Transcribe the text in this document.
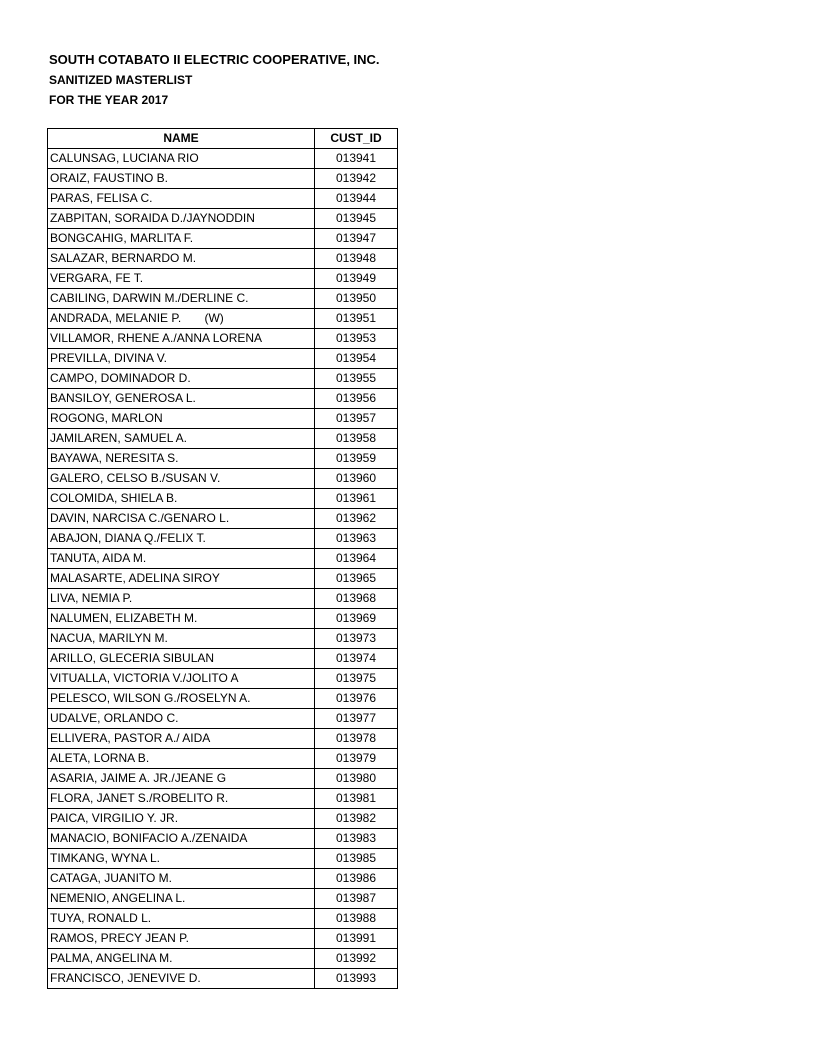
SOUTH COTABATO II ELECTRIC COOPERATIVE, INC.
SANITIZED MASTERLIST
FOR THE YEAR 2017
NAME	CUST_ID
CALUNSAG, LUCIANA RIO	013941
ORAIZ, FAUSTINO B.	013942
PARAS, FELISA C.	013944
ZABPITAN, SORAIDA D./JAYNODDIN	013945
BONGCAHIG, MARLITA F.	013947
SALAZAR, BERNARDO M.	013948
VERGARA, FE T.	013949
CABILING, DARWIN M./DERLINE C.	013950
ANDRADA, MELANIE P.       (W)	013951
VILLAMOR, RHENE A./ANNA LORENA	013953
PREVILLA, DIVINA V.	013954
CAMPO, DOMINADOR D.	013955
BANSILOY, GENEROSA L.	013956
ROGONG, MARLON	013957
JAMILAREN, SAMUEL A.	013958
BAYAWA, NERESITA S.	013959
GALERO, CELSO B./SUSAN V.	013960
COLOMIDA, SHIELA B.	013961
DAVIN, NARCISA C./GENARO L.	013962
ABAJON, DIANA Q./FELIX T.	013963
TANUTA, AIDA M.	013964
MALASARTE, ADELINA SIROY	013965
LIVA, NEMIA P.	013968
NALUMEN, ELIZABETH M.	013969
NACUA, MARILYN M.	013973
ARILLO, GLECERIA SIBULAN	013974
VITUALLA, VICTORIA V./JOLITO A	013975
PELESCO, WILSON G./ROSELYN A.	013976
UDALVE, ORLANDO C.	013977
ELLIVERA, PASTOR A./ AIDA	013978
ALETA, LORNA B.	013979
ASARIA, JAIME A. JR./JEANE G	013980
FLORA, JANET S./ROBELITO R.	013981
PAICA, VIRGILIO Y. JR.	013982
MANACIO, BONIFACIO A./ZENAIDA	013983
TIMKANG, WYNA L.	013985
CATAGA, JUANITO M.	013986
NEMENIO, ANGELINA L.	013987
TUYA, RONALD L.	013988
RAMOS, PRECY JEAN P.	013991
PALMA, ANGELINA M.	013992
FRANCISCO, JENEVIVE D.	013993
